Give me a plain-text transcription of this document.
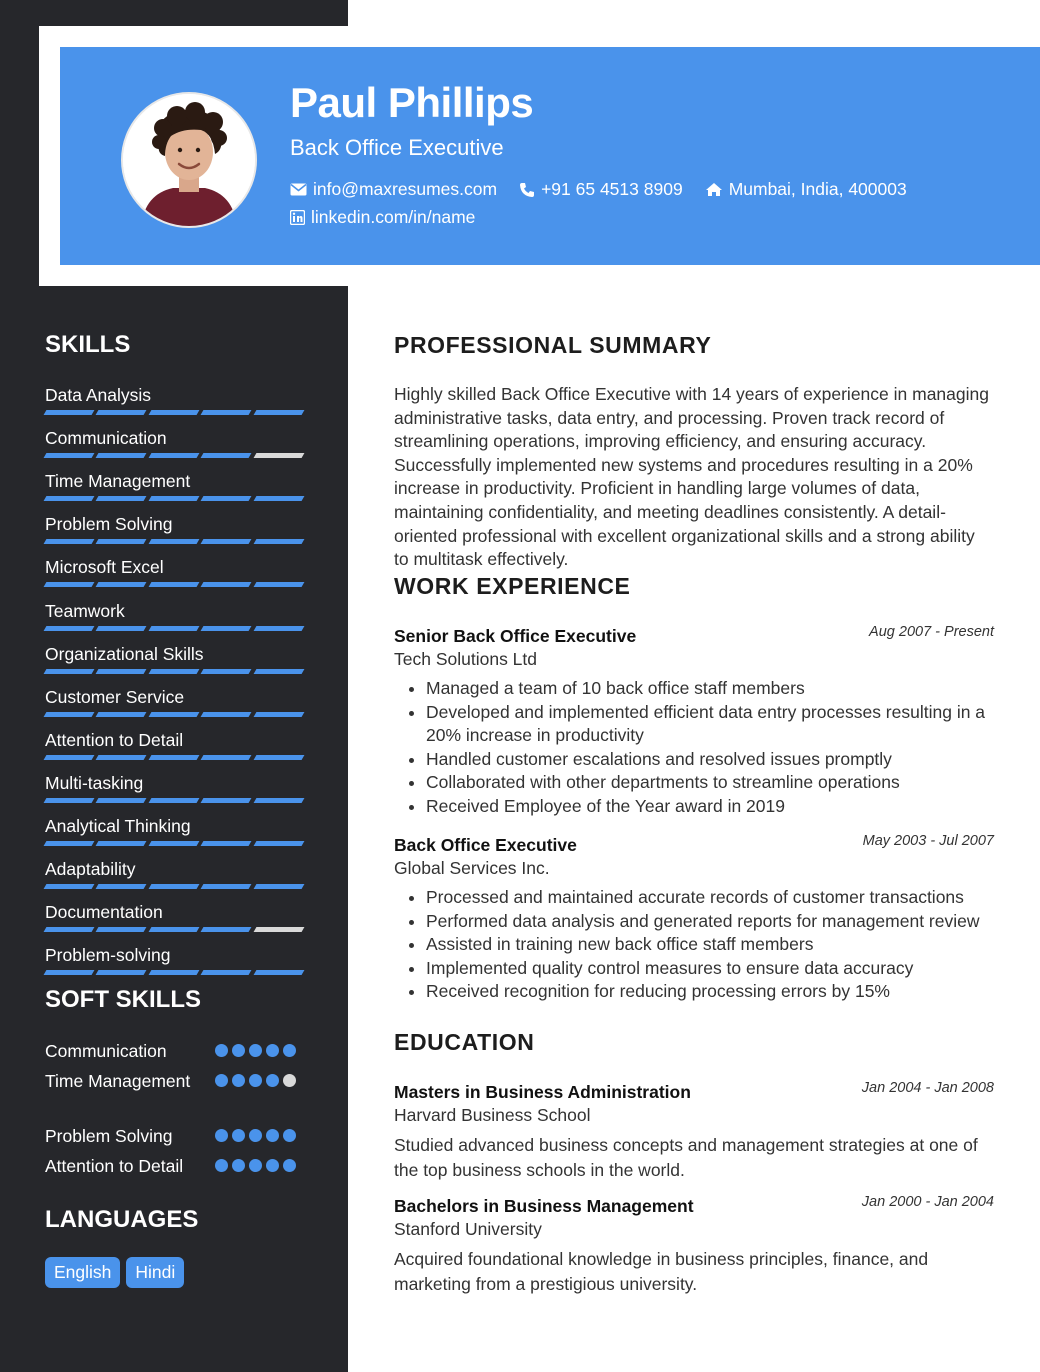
Paul Phillips
Back Office Executive
info@maxresumes.com	+91 65 4513 8909	Mumbai, India, 400003
linkedin.com/in/name
SKILLS
Data Analysis
Communication
Time Management
Problem Solving
Microsoft Excel
Teamwork
Organizational Skills
Customer Service
Attention to Detail
Multi-tasking
Analytical Thinking
Adaptability
Documentation
Problem-solving
SOFT SKILLS
Communication
Time Management
Problem Solving
Attention to Detail
LANGUAGES
English	Hindi
PROFESSIONAL SUMMARY
Highly skilled Back Office Executive with 14 years of experience in managing administrative tasks, data entry, and processing. Proven track record of streamlining operations, improving efficiency, and ensuring accuracy. Successfully implemented new systems and procedures resulting in a 20% increase in productivity. Proficient in handling large volumes of data, maintaining confidentiality, and meeting deadlines consistently. A detail-oriented professional with excellent organizational skills and a strong ability to multitask effectively.
WORK EXPERIENCE
Senior Back Office Executive	Aug 2007 - Present
Tech Solutions Ltd
• Managed a team of 10 back office staff members
• Developed and implemented efficient data entry processes resulting in a 20% increase in productivity
• Handled customer escalations and resolved issues promptly
• Collaborated with other departments to streamline operations
• Received Employee of the Year award in 2019
Back Office Executive	May 2003 - Jul 2007
Global Services Inc.
• Processed and maintained accurate records of customer transactions
• Performed data analysis and generated reports for management review
• Assisted in training new back office staff members
• Implemented quality control measures to ensure data accuracy
• Received recognition for reducing processing errors by 15%
EDUCATION
Masters in Business Administration	Jan 2004 - Jan 2008
Harvard Business School
Studied advanced business concepts and management strategies at one of the top business schools in the world.
Bachelors in Business Management	Jan 2000 - Jan 2004
Stanford University
Acquired foundational knowledge in business principles, finance, and marketing from a prestigious university.
